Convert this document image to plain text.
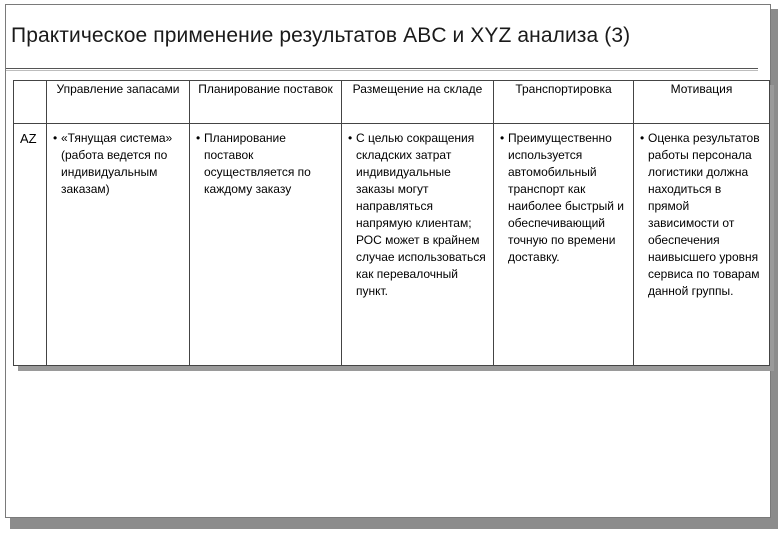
Практическое применение результатов ABC и XYZ анализа (3)
	Управление запасами	Планирование поставок	Размещение на складе	Транспортировка	Мотивация
AZ	• «Тянущая система» (работа ведется по индивидуальным заказам)	• Планирование поставок осуществляется по каждому заказу	• С целью сокращения складских затрат индивидуальные заказы могут направляться напрямую клиентам; РОС может в крайнем случае использоваться как перевалочный пункт.	• Преимущественно используется автомобильный транспорт как наиболее быстрый и обеспечивающий точную по времени доставку.	• Оценка результатов работы персонала логистики должна находиться в прямой зависимости от обеспечения наивысшего уровня сервиса по товарам данной группы.
